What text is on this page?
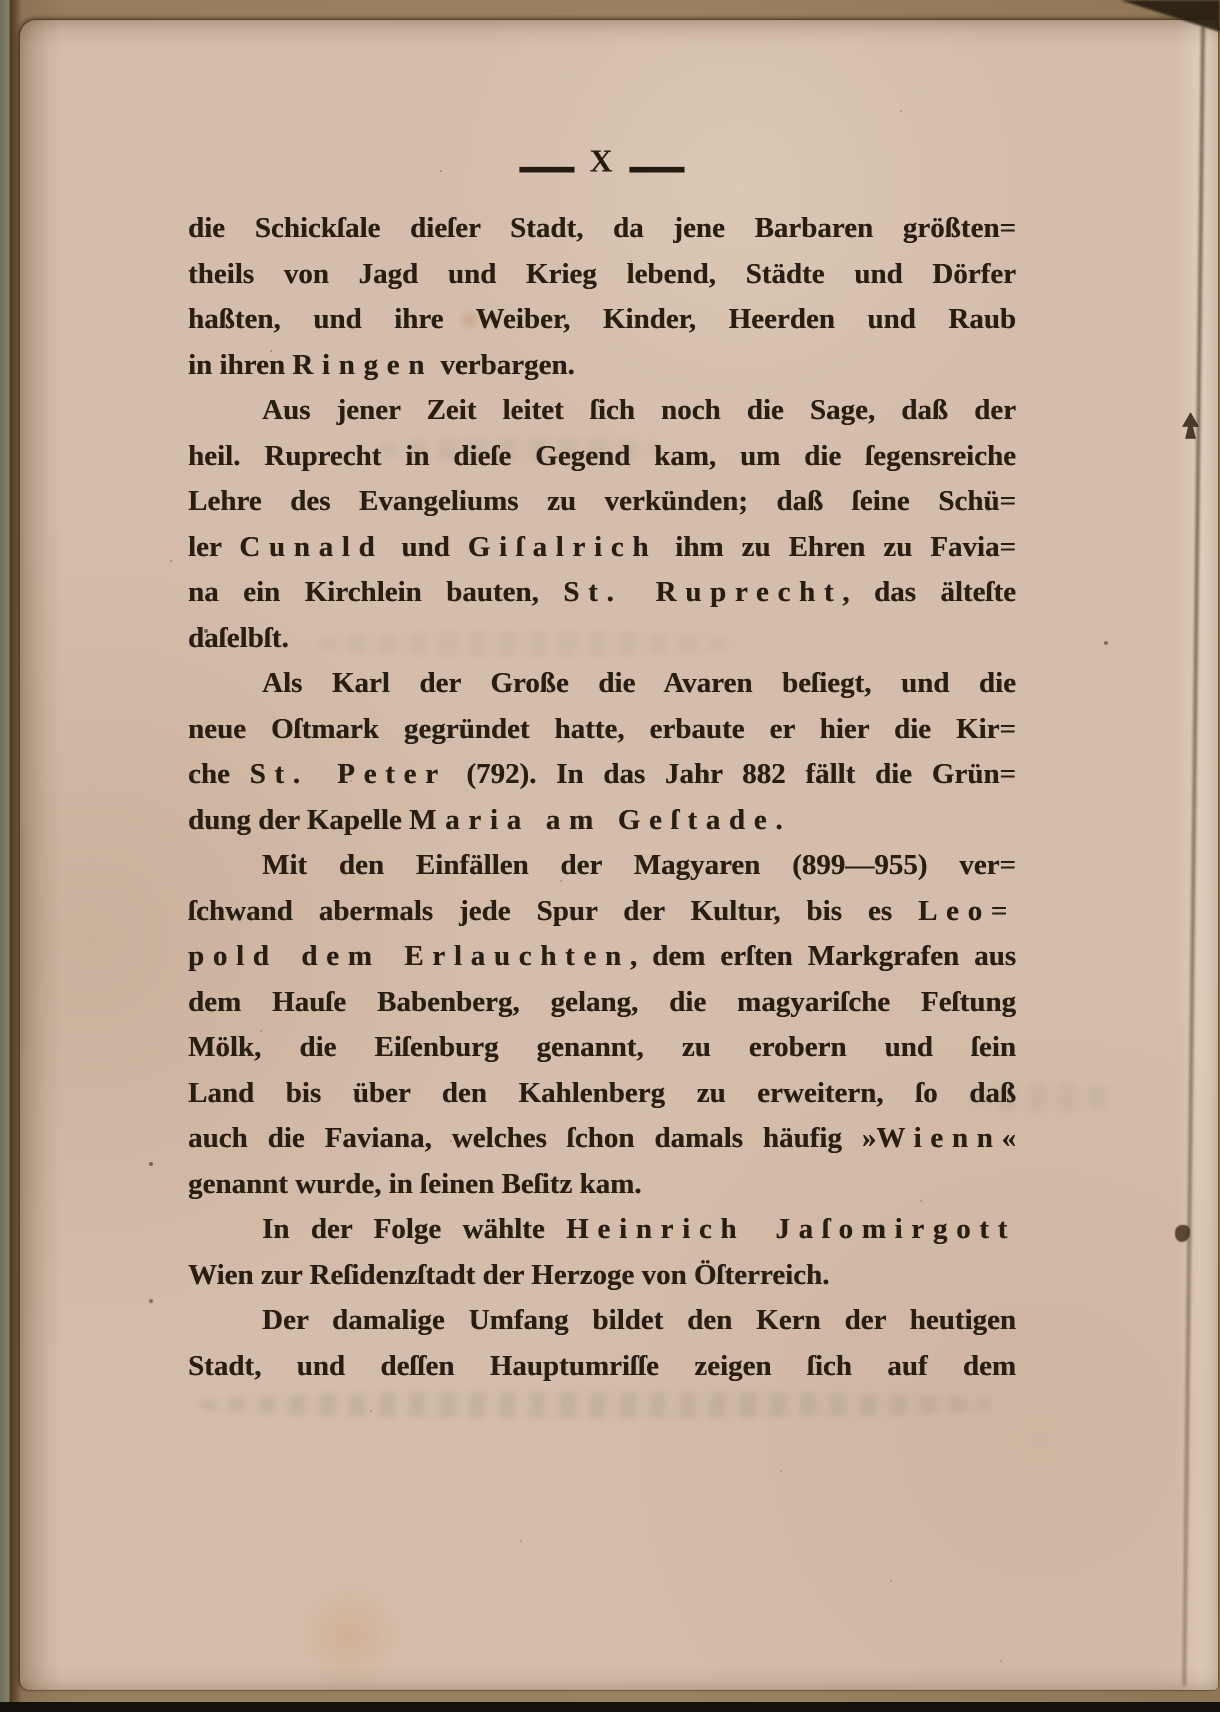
— X —
die Schickſale dieſer Stadt, da jene Barbaren größten=
theils von Jagd und Krieg lebend, Städte und Dörfer
haßten, und ihre Weiber, Kinder, Heerden und Raub
in ihren Ringen verbargen.
Aus jener Zeit leitet ſich noch die Sage, daß der
heil. Ruprecht in dieſe Gegend kam, um die ſegensreiche
Lehre des Evangeliums zu verkünden; daß ſeine Schü=
ler Cunald und Giſalrich ihm zu Ehren zu Favia=
na ein Kirchlein bauten, St. Ruprecht, das älteſte
daſelbſt.
Als Karl der Große die Avaren beſiegt, und die
neue Oſtmark gegründet hatte, erbaute er hier die Kir=
che St. Peter (792). In das Jahr 882 fällt die Grün=
dung der Kapelle Maria am Geſtade.
Mit den Einfällen der Magyaren (899—955) ver=
ſchwand abermals jede Spur der Kultur, bis es Leo=
pold dem Erlauchten, dem erſten Markgrafen aus
dem Hauſe Babenberg, gelang, die magyariſche Feſtung
Mölk, die Eiſenburg genannt, zu erobern und ſein
Land bis über den Kahlenberg zu erweitern, ſo daß
auch die Faviana, welches ſchon damals häufig »Wienn«
genannt wurde, in ſeinen Beſitz kam.
In der Folge wählte Heinrich Jaſomirgott
Wien zur Reſidenzſtadt der Herzoge von Öſterreich.
Der damalige Umfang bildet den Kern der heutigen
Stadt, und deſſen Hauptumriſſe zeigen ſich auf dem
